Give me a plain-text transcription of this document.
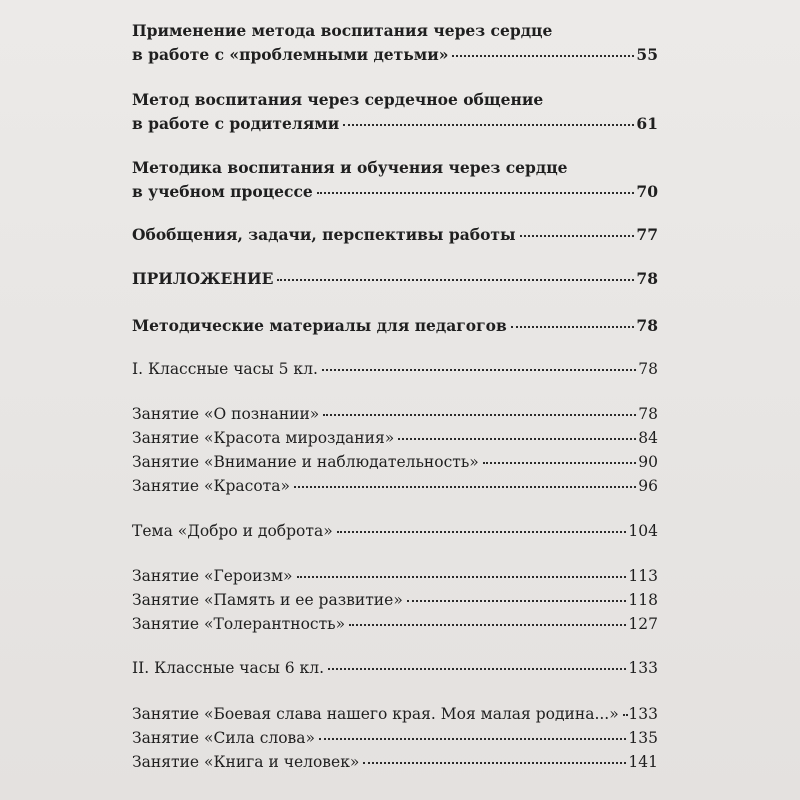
Применение метода воспитания через сердце
в работе с «проблемными детьми»	55
Метод воспитания через сердечное общение
в работе с родителями	61
Методика воспитания и обучения через сердце
в учебном процессе	70
Обобщения, задачи, перспективы работы	77
ПРИЛОЖЕНИЕ	78
Методические материалы для педагогов	78
I. Классные часы 5 кл.	78
Занятие «О познании»	78
Занятие «Красота мироздания»	84
Занятие «Внимание и наблюдательность»	90
Занятие «Красота»	96
Тема «Добро и доброта»	104
Занятие «Героизм»	113
Занятие «Память и ее развитие»	118
Занятие «Толерантность»	127
II. Классные часы 6 кл.	133
Занятие «Боевая слава нашего края. Моя малая родина...» 133
Занятие «Сила слова»	135
Занятие «Книга и человек»	141
